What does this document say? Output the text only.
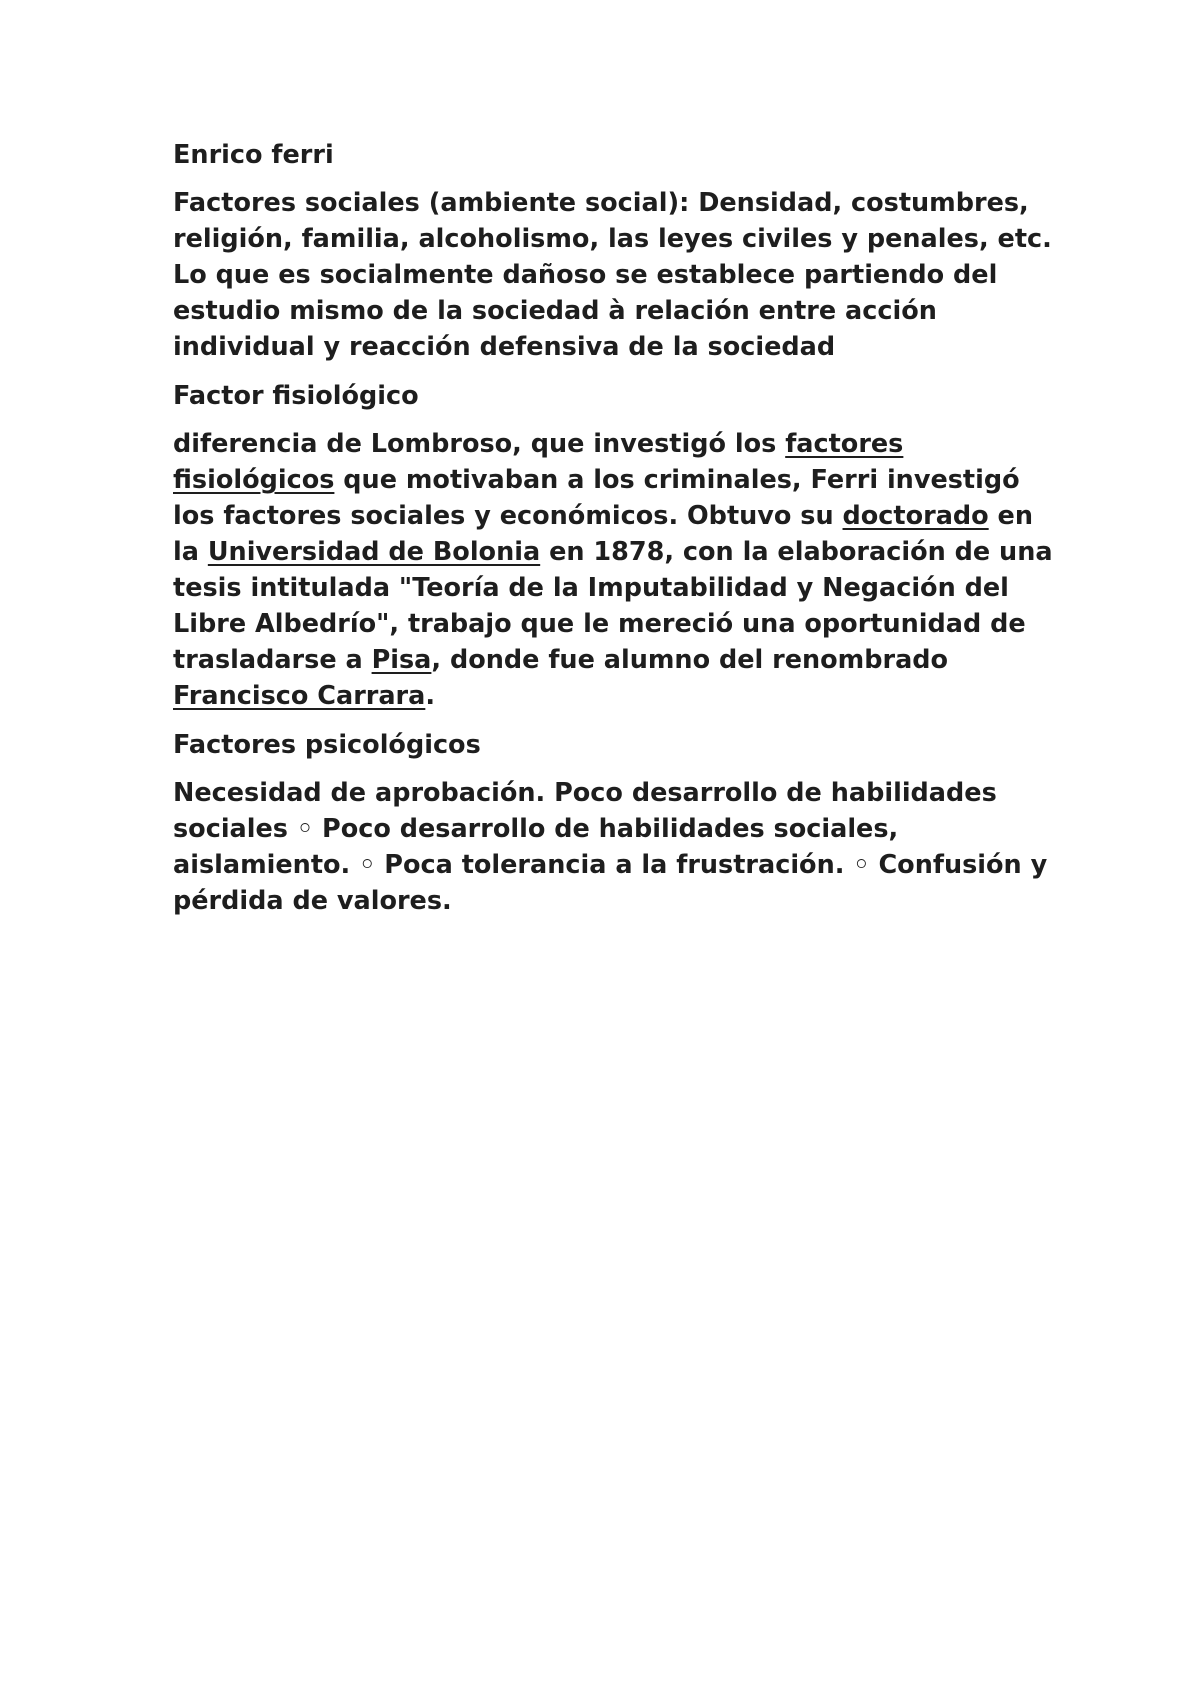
Enrico ferri

Factores sociales (ambiente social): Densidad, costumbres, religión, familia, alcoholismo, las leyes civiles y penales, etc. Lo que es socialmente dañoso se establece partiendo del estudio mismo de la sociedad à relación entre acción individual y reacción defensiva de la sociedad

Factor fisiológico

diferencia de Lombroso, que investigó los factores fisiológicos que motivaban a los criminales, Ferri investigó los factores sociales y económicos. Obtuvo su doctorado en la Universidad de Bolonia en 1878, con la elaboración de una tesis intitulada "Teoría de la Imputabilidad y Negación del Libre Albedrío", trabajo que le mereció una oportunidad de trasladarse a Pisa, donde fue alumno del renombrado Francisco Carrara.

Factores psicológicos

Necesidad de aprobación. Poco desarrollo de habilidades sociales ◦ Poco desarrollo de habilidades sociales, aislamiento. ◦ Poca tolerancia a la frustración. ◦ Confusión y pérdida de valores.
